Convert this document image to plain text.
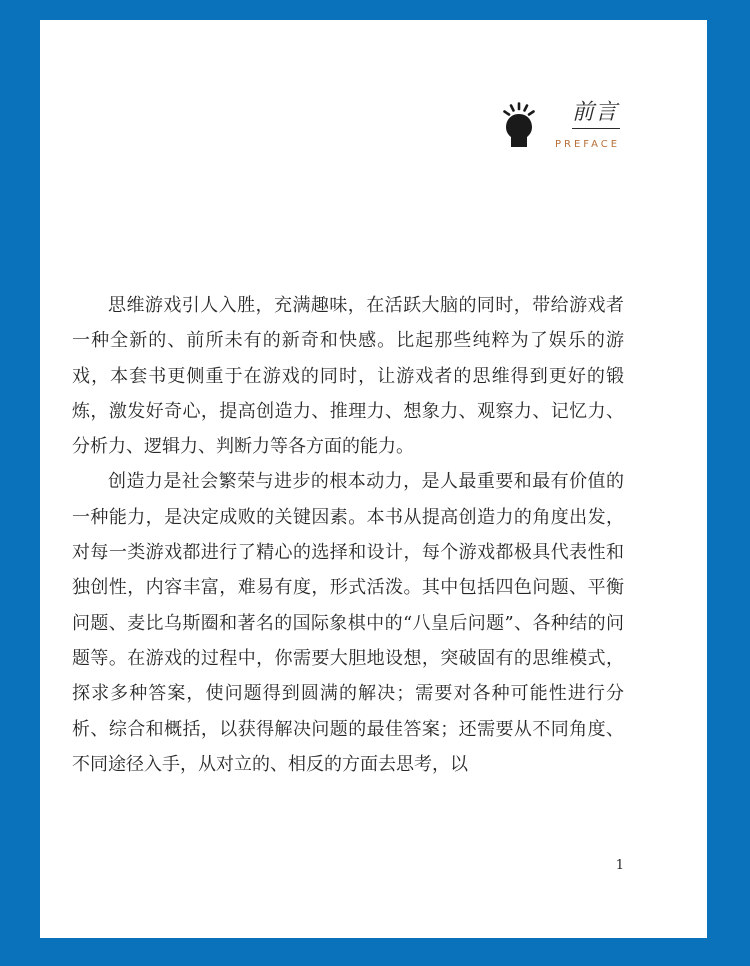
前言
PREFACE

思维游戏引人入胜，充满趣味，在活跃大脑的同时，带给游戏者一种全新的、前所未有的新奇和快感。比起那些纯粹为了娱乐的游戏，本套书更侧重于在游戏的同时，让游戏者的思维得到更好的锻炼，激发好奇心，提高创造力、推理力、想象力、观察力、记忆力、分析力、逻辑力、判断力等各方面的能力。

创造力是社会繁荣与进步的根本动力，是人最重要和最有价值的一种能力，是决定成败的关键因素。本书从提高创造力的角度出发，对每一类游戏都进行了精心的选择和设计，每个游戏都极具代表性和独创性，内容丰富，难易有度，形式活泼。其中包括四色问题、平衡问题、麦比乌斯圈和著名的国际象棋中的“八皇后问题”、各种结的问题等。在游戏的过程中，你需要大胆地设想，突破固有的思维模式，探求多种答案，使问题得到圆满的解决；需要对各种可能性进行分析、综合和概括，以获得解决问题的最佳答案；还需要从不同角度、不同途径入手，从对立的、相反的方面去思考，以

1
